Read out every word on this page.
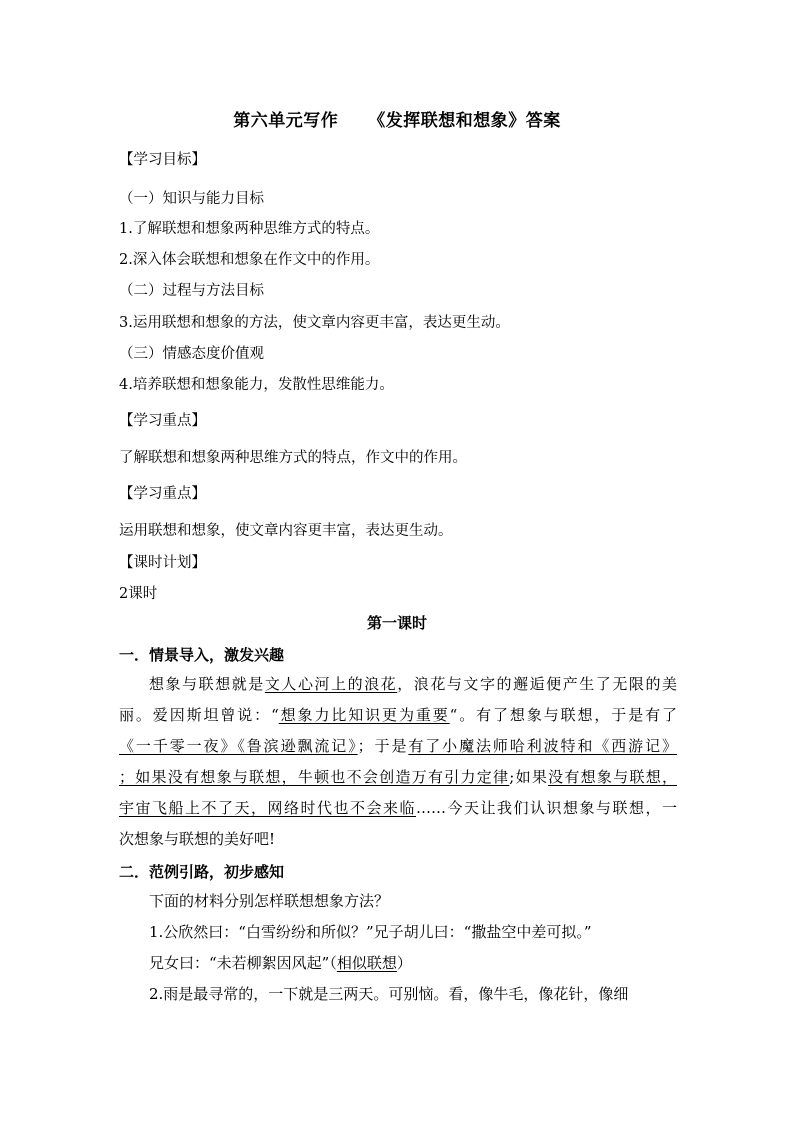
第六单元写作 《发挥联想和想象》答案
【学习目标】
（一）知识与能力目标
1.了解联想和想象两种思维方式的特点。
2.深入体会联想和想象在作文中的作用。
（二）过程与方法目标
3.运用联想和想象的方法，使文章内容更丰富，表达更生动。
（三）情感态度价值观
4.培养联想和想象能力，发散性思维能力。
【学习重点】
了解联想和想象两种思维方式的特点，作文中的作用。
【学习重点】
运用联想和想象，使文章内容更丰富，表达更生动。
【课时计划】
2课时
第一课时
一．情景导入，激发兴趣

想象与联想就是文人心河上的浪花，浪花与文字的邂逅便产生了无限的美

丽。爱因斯坦曾说：“想象力比知识更为重要“。有了想象与联想，于是有了

《一千零一夜》《鲁滨逊飘流记》；于是有了小魔法师哈利波特和《西游记》

；如果没有想象与联想，牛顿也不会创造万有引力定律;如果没有想象与联想，

宇宙飞船上不了天，网络时代也不会来临……今天让我们认识想象与联想，一

次想象与联想的美好吧!

二．范例引路，初步感知

下面的材料分别怎样联想想象方法？

1.公欣然曰：“白雪纷纷和所似？”兄子胡儿曰：“撒盐空中差可拟。”

兄女曰：“未若柳絮因风起”（相似联想）

2.雨是最寻常的，一下就是三两天。可别恼。看，像牛毛，像花针，像细
